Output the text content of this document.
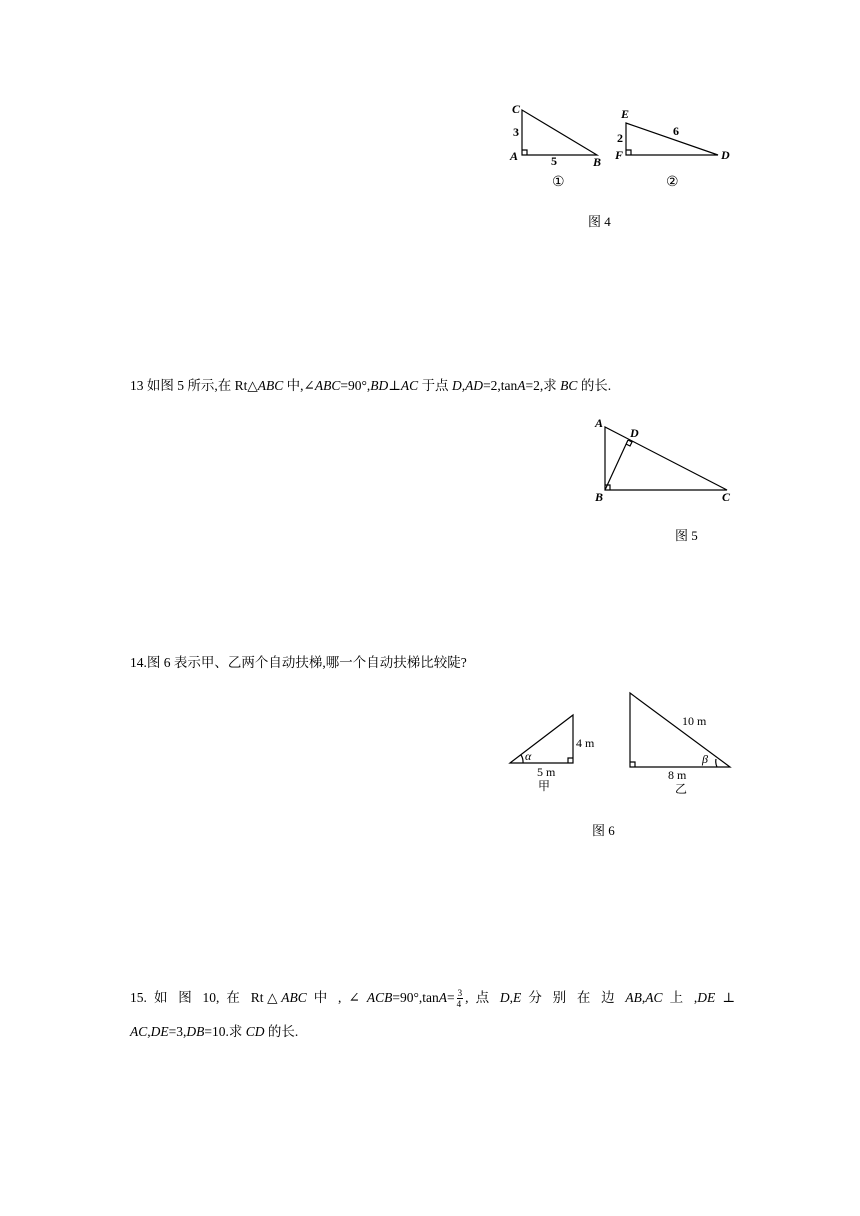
C
A	B
3
5
①
E
F	D
2	6
②
图 4
13 如图 5 所示,在 Rt△ABC 中,∠ABC=90°,BD⊥AC 于点 D,AD=2,tanA=2,求 BC 的长.
A
D
B	C
图 5
14.图 6 表示甲、乙两个自动扶梯,哪一个自动扶梯比较陡?
α
4 m
5 m
甲
10 m
β
8 m
乙
图 6
15. 如 图 10, 在 Rt△ABC 中 , ∠ $ACB=90^\circ,\tan A= \frac{3}{4}$ , 点 D,E 分 别 在 边 AB,AC 上 ,DE ⊥
AC,DE=3,DB=10.求 CD 的长.
